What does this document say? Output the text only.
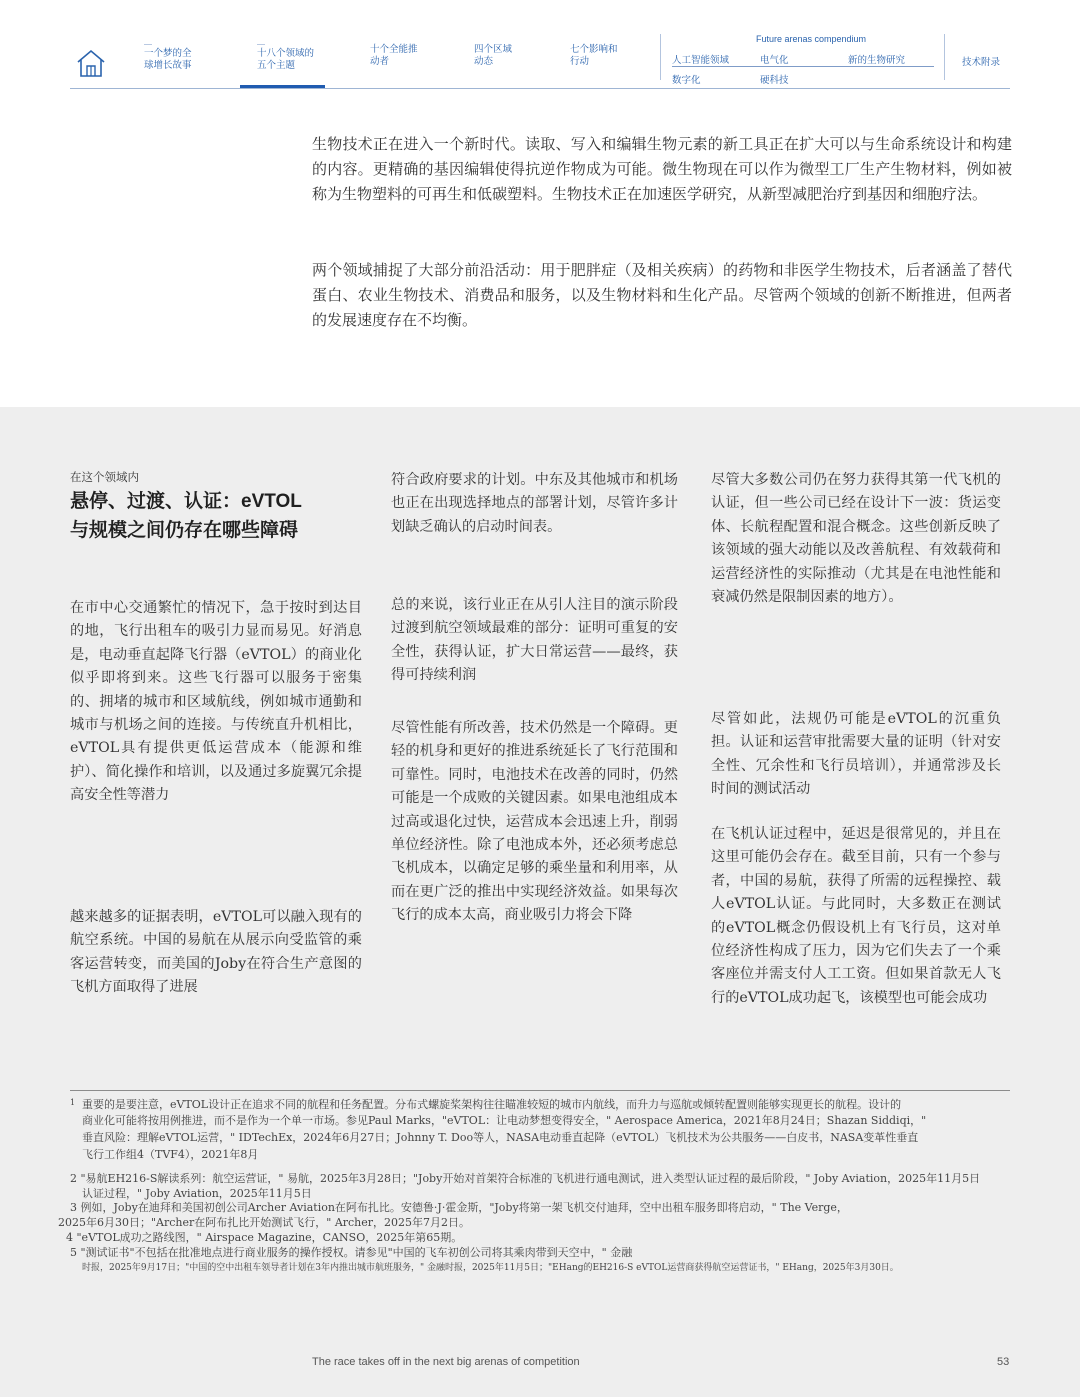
一个梦的全
球增长故事
十八个领域的
五个主题
十个全能推
动者
四个区域
动态
七个影响和
行动
Future arenas compendium
人工智能领域	电气化	新的生物研究
数字化	硬科技
技术附录

生物技术正在进入一个新时代。读取、写入和编辑生物元素的新工具正在扩大可以与生命系统设计和构建的内容。更精确的基因编辑使得抗逆作物成为可能。微生物现在可以作为微型工厂生产生物材料，例如被称为生物塑料的可再生和低碳塑料。生物技术正在加速医学研究，从新型减肥治疗到基因和细胞疗法。

两个领域捕捉了大部分前沿活动：用于肥胖症（及相关疾病）的药物和非医学生物技术，后者涵盖了替代蛋白、农业生物技术、消费品和服务，以及生物材料和生化产品。尽管两个领域的创新不断推进，但两者的发展速度存在不均衡。

在这个领域内
悬停、过渡、认证：eVTOL与规模之间仍存在哪些障碍

在市中心交通繁忙的情况下，急于按时到达目的地，飞行出租车的吸引力显而易见。好消息是，电动垂直起降飞行器（eVTOL）的商业化似乎即将到来。这些飞行器可以服务于密集的、拥堵的城市和区域航线，例如城市通勤和城市与机场之间的连接。与传统直升机相比，eVTOL具有提供更低运营成本（能源和维护）、简化操作和培训，以及通过多旋翼冗余提高安全性等潜力

越来越多的证据表明，eVTOL可以融入现有的航空系统。中国的易航在从展示向受监管的乘客运营转变，而美国的Joby在符合生产意图的飞机方面取得了进展

符合政府要求的计划。中东及其他城市和机场也正在出现选择地点的部署计划，尽管许多计划缺乏确认的启动时间表。

总的来说，该行业正在从引人注目的演示阶段过渡到航空领域最难的部分：证明可重复的安全性，获得认证，扩大日常运营——最终，获得可持续利润

尽管性能有所改善，技术仍然是一个障碍。更轻的机身和更好的推进系统延长了飞行范围和可靠性。同时，电池技术在改善的同时，仍然可能是一个成败的关键因素。如果电池组成本过高或退化过快，运营成本会迅速上升，削弱单位经济性。除了电池成本外，还必须考虑总飞机成本，以确定足够的乘坐量和利用率，从而在更广泛的推出中实现经济效益。如果每次飞行的成本太高，商业吸引力将会下降

尽管大多数公司仍在努力获得其第一代飞机的认证，但一些公司已经在设计下一波：货运变体、长航程配置和混合概念。这些创新反映了该领域的强大动能以及改善航程、有效载荷和运营经济性的实际推动（尤其是在电池性能和衰减仍然是限制因素的地方）。

尽管如此，法规仍可能是eVTOL的沉重负担。认证和运营审批需要大量的证明（针对安全性、冗余性和飞行员培训），并通常涉及长时间的测试活动

在飞机认证过程中，延迟是很常见的，并且在这里可能仍会存在。截至目前，只有一个参与者，中国的易航，获得了所需的远程操控、载人eVTOL认证。与此同时，大多数正在测试的eVTOL概念仍假设机上有飞行员，这对单位经济性构成了压力，因为它们失去了一个乘客座位并需支付人工工资。但如果首款无人飞行的eVTOL成功起飞，该模型也可能会成功

1 重要的是要注意，eVTOL设计正在追求不同的航程和任务配置。分布式螺旋桨架构往往瞄准较短的城市内航线，而升力与巡航或倾转配置则能够实现更长的航程。设计的
商业化可能将按用例推进，而不是作为一个单一市场。参见Paul Marks，"eVTOL：让电动梦想变得安全，" Aerospace America，2021年8月24日；Shazan Siddiqi，"
垂直风险：理解eVTOL运营，" IDTechEx，2024年6月27日；Johnny T. Doo等人，NASA电动垂直起降（eVTOL）飞机技术为公共服务——白皮书，NASA变革性垂直
飞行工作组4（TVF4），2021年8月
2 "易航EH216-S解读系列：航空运营证，" 易航，2025年3月28日；"Joby开始对首架符合标准的飞机进行通电测试，进入类型认证过程的最后阶段，" Joby Aviation，2025年11月5日
认证过程，" Joby Aviation，2025年11月5日
3 例如，Joby在迪拜和美国初创公司Archer Aviation在阿布扎比。安德鲁·J·霍金斯，"Joby将第一架飞机交付迪拜，空中出租车服务即将启动，" The Verge，
2025年6月30日；"Archer在阿布扎比开始测试飞行，" Archer，2025年7月2日。
4 "eVTOL成功之路线图，" Airspace Magazine，CANSO，2025年第65期。
5 "测试证书"不包括在批准地点进行商业服务的操作授权。请参见"中国的飞车初创公司将其乘肉带到天空中，" 金融
时报，2025年9月17日；"中国的空中出租车领导者计划在3年内推出城市航班服务，" 金融时报，2025年11月5日；"EHang的EH216-S eVTOL运营商获得航空运营证书，" EHang，2025年3月30日。
The race takes off in the next big arenas of competition	53
